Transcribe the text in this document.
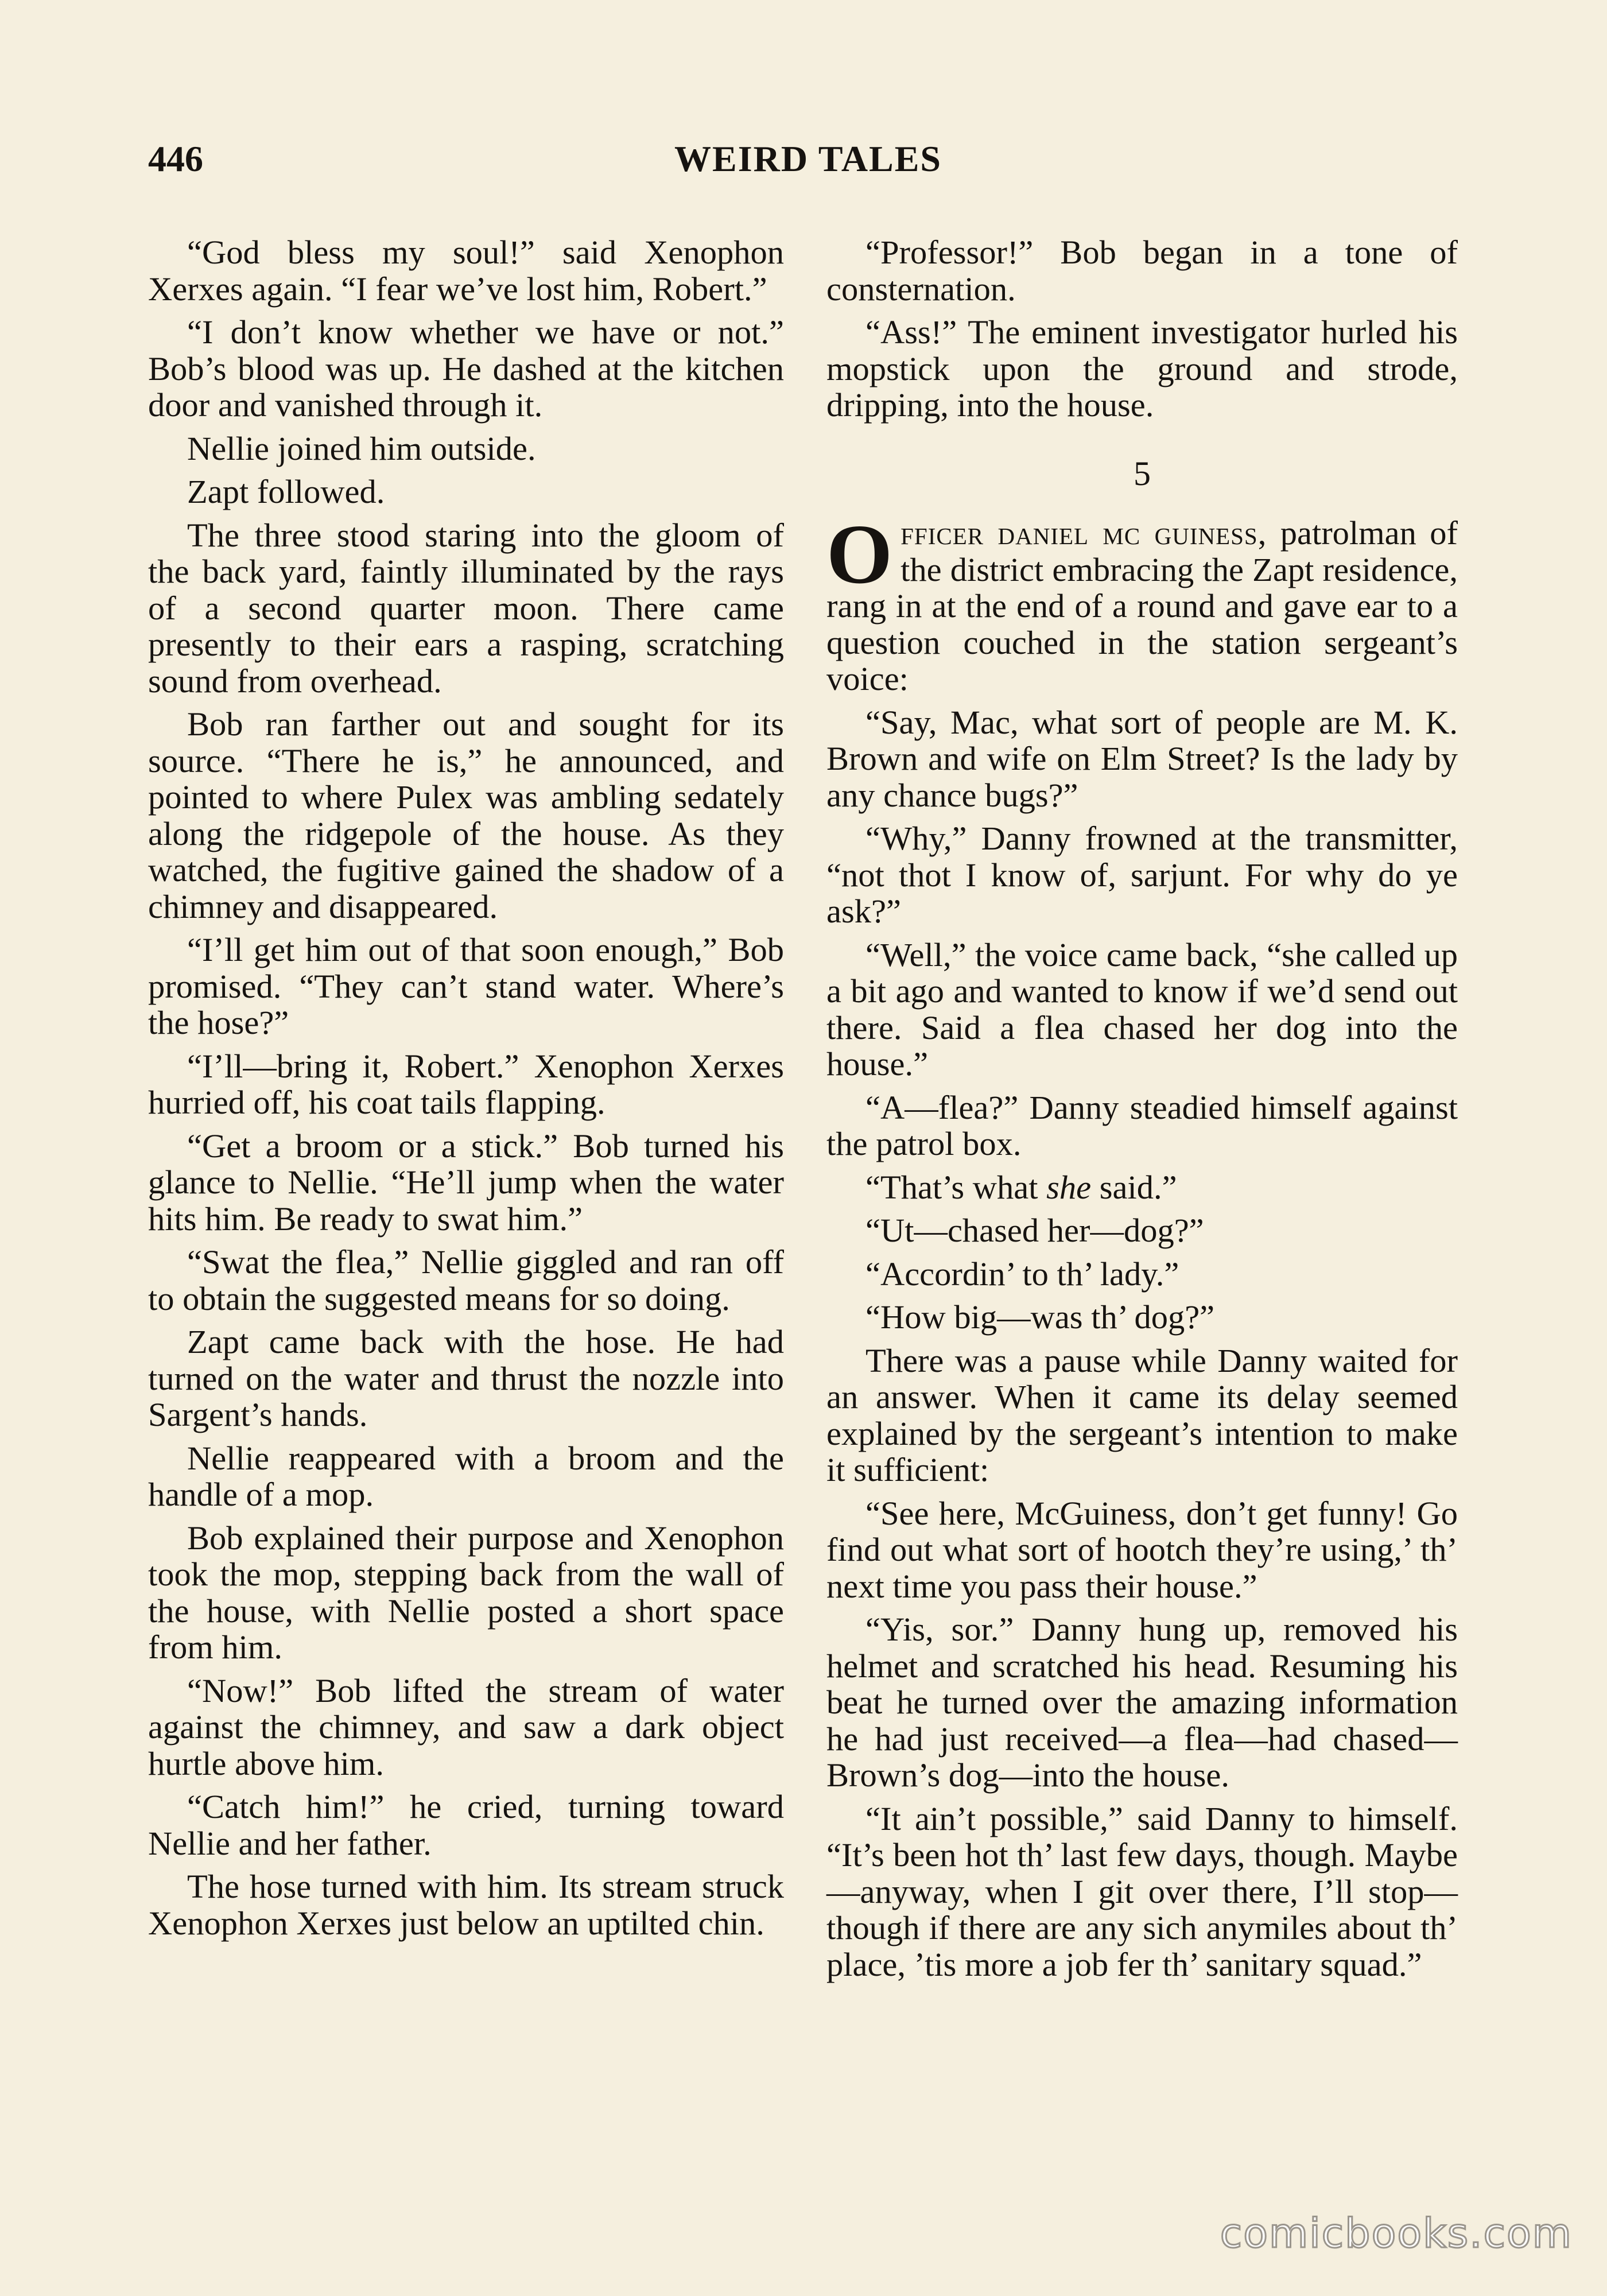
446	WEIRD TALES

“God bless my soul!” said Xenophon Xerxes again. “I fear we’ve lost him, Robert.”

“I don’t know whether we have or not.” Bob’s blood was up. He dashed at the kitchen door and vanished through it.

Nellie joined him outside.

Zapt followed.

The three stood staring into the gloom of the back yard, faintly illuminated by the rays of a second quarter moon. There came presently to their ears a rasping, scratching sound from overhead.

Bob ran farther out and sought for its source. “There he is,” he announced, and pointed to where Pulex was ambling sedately along the ridgepole of the house. As they watched, the fugitive gained the shadow of a chimney and disappeared.

“I’ll get him out of that soon enough,” Bob promised. “They can’t stand water. Where’s the hose?”

“I’ll—bring it, Robert.” Xenophon Xerxes hurried off, his coat tails flapping.

“Get a broom or a stick.” Bob turned his glance to Nellie. “He’ll jump when the water hits him. Be ready to swat him.”

“Swat the flea,” Nellie giggled and ran off to obtain the suggested means for so doing.

Zapt came back with the hose. He had turned on the water and thrust the nozzle into Sargent’s hands.

Nellie reappeared with a broom and the handle of a mop.

Bob explained their purpose and Xenophon took the mop, stepping back from the wall of the house, with Nellie posted a short space from him.

“Now!” Bob lifted the stream of water against the chimney, and saw a dark object hurtle above him.

“Catch him!” he cried, turning toward Nellie and her father.

The hose turned with him. Its stream struck Xenophon Xerxes just below an uptilted chin.

“Professor!” Bob began in a tone of consternation.

“Ass!” The eminent investigator hurled his mopstick upon the ground and strode, dripping, into the house.

5

Officer daniel mc guiness, patrolman of the district embracing the Zapt residence, rang in at the end of a round and gave ear to a question couched in the station sergeant’s voice:

“Say, Mac, what sort of people are M. K. Brown and wife on Elm Street? Is the lady by any chance bugs?”

“Why,” Danny frowned at the transmitter, “not thot I know of, sarjunt. For why do ye ask?”

“Well,” the voice came back, “she called up a bit ago and wanted to know if we’d send out there. Said a flea chased her dog into the house.”

“A—flea?” Danny steadied himself against the patrol box.

“That’s what she said.”

“Ut—chased her—dog?”

“Accordin’ to th’ lady.”

“How big—was th’ dog?”

There was a pause while Danny waited for an answer. When it came its delay seemed explained by the sergeant’s intention to make it sufficient:

“See here, McGuiness, don’t get funny! Go find out what sort of hootch they’re using,’ th’ next time you pass their house.”

“Yis, sor.” Danny hung up, removed his helmet and scratched his head. Resuming his beat he turned over the amazing information he had just received—a flea—had chased—Brown’s dog—into the house.

“It ain’t possible,” said Danny to himself. “It’s been hot th’ last few days, though. Maybe—anyway, when I git over there, I’ll stop—though if there are any sich anymiles about th’ place, ’tis more a job fer th’ sanitary squad.”

comicbooks.com
